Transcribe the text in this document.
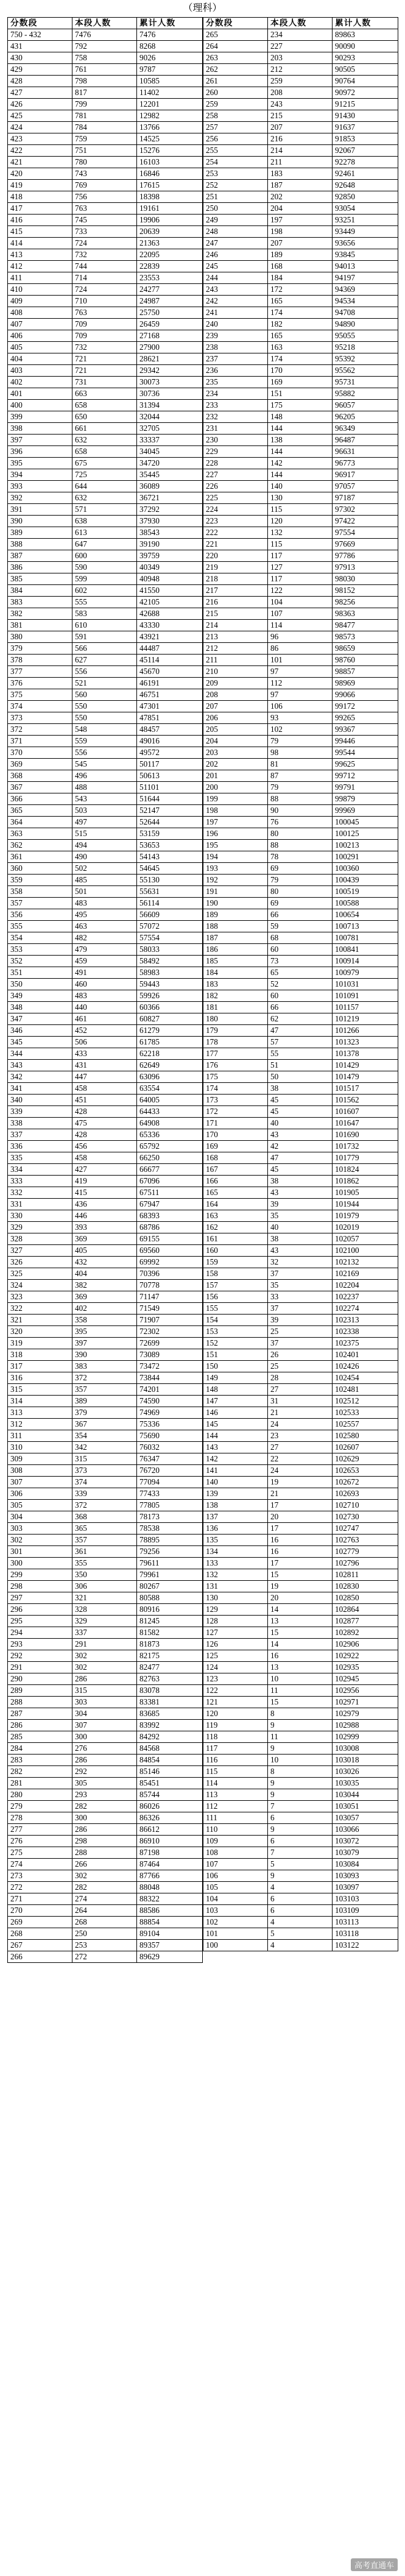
（理科）
分数段	本段人数	累计人数
750 - 432	7476	7476
431	792	8268
430	758	9026
429	761	9787
428	798	10585
427	817	11402
426	799	12201
425	781	12982
424	784	13766
423	759	14525
422	751	15276
421	780	16103
420	743	16846
419	769	17615
418	756	18398
417	763	19161
416	745	19906
415	733	20639
414	724	21363
413	732	22095
412	744	22839
411	714	23553
410	724	24277
409	710	24987
408	763	25750
407	709	26459
406	709	27168
405	732	27900
404	721	28621
403	721	29342
402	731	30073
401	663	30736
400	658	31394
399	650	32044
398	661	32705
397	632	33337
396	658	34045
395	675	34720
394	725	35445
393	644	36089
392	632	36721
391	571	37292
390	638	37930
389	613	38543
388	647	39190
387	600	39759
386	590	40349
385	599	40948
384	602	41550
383	555	42105
382	583	42688
381	610	43330
380	591	43921
379	566	44487
378	627	45114
377	556	45670
376	521	46191
375	560	46751
374	550	47301
373	550	47851
372	548	48457
371	559	49016
370	556	49572
369	545	50117
368	496	50613
367	488	51101
366	543	51644
365	503	52147
364	497	52644
363	515	53159
362	494	53653
361	490	54143
360	502	54645
359	485	55130
358	501	55631
357	483	56114
356	495	56609
355	463	57072
354	482	57554
353	479	58033
352	459	58492
351	491	58983
350	460	59443
349	483	59926
348	440	60366
347	461	60827
346	452	61279
345	506	61785
344	433	62218
343	431	62649
342	447	63096
341	458	63554
340	451	64005
339	428	64433
338	475	64908
337	428	65336
336	456	65792
335	458	66250
334	427	66677
333	419	67096
332	415	67511
331	436	67947
330	446	68393
329	393	68786
328	369	69155
327	405	69560
326	432	69992
325	404	70396
324	382	70778
323	369	71147
322	402	71549
321	358	71907
320	395	72302
319	397	72699
318	390	73089
317	383	73472
316	372	73844
315	357	74201
314	389	74590
313	379	74969
312	367	75336
311	354	75690
310	342	76032
309	315	76347
308	373	76720
307	374	77094
306	339	77433
305	372	77805
304	368	78173
303	365	78538
302	357	78895
301	361	79256
300	355	79611
299	350	79961
298	306	80267
297	321	80588
296	328	80916
295	329	81245
294	337	81582
293	291	81873
292	302	82175
291	302	82477
290	286	82763
289	315	83078
288	303	83381
287	304	83685
286	307	83992
285	300	84292
284	276	84568
283	286	84854
282	292	85146
281	305	85451
280	293	85744
279	282	86026
278	300	86326
277	286	86612
276	298	86910
275	288	87198
274	266	87464
273	302	87766
272	282	88048
271	274	88322
270	264	88586
269	268	88854
268	250	89104
267	253	89357
266	272	89629
分数段	本段人数	累计人数
265	234	89863
264	227	90090
263	203	90293
262	212	90505
261	259	90764
260	208	90972
259	243	91215
258	215	91430
257	207	91637
256	216	91853
255	214	92067
254	211	92278
253	183	92461
252	187	92648
251	202	92850
250	204	93054
249	197	93251
248	198	93449
247	207	93656
246	189	93845
245	168	94013
244	184	94197
243	172	94369
242	165	94534
241	174	94708
240	182	94890
239	165	95055
238	163	95218
237	174	95392
236	170	95562
235	169	95731
234	151	95882
233	175	96057
232	148	96205
231	144	96349
230	138	96487
229	144	96631
228	142	96773
227	144	96917
226	140	97057
225	130	97187
224	115	97302
223	120	97422
222	132	97554
221	115	97669
220	117	97786
219	127	97913
218	117	98030
217	122	98152
216	104	98256
215	107	98363
214	114	98477
213	96	98573
212	86	98659
211	101	98760
210	97	98857
209	112	98969
208	97	99066
207	106	99172
206	93	99265
205	102	99367
204	79	99446
203	98	99544
202	81	99625
201	87	99712
200	79	99791
199	88	99879
198	90	99969
197	76	100045
196	80	100125
195	88	100213
194	78	100291
193	69	100360
192	79	100439
191	80	100519
190	69	100588
189	66	100654
188	59	100713
187	68	100781
186	60	100841
185	73	100914
184	65	100979
183	52	101031
182	60	101091
181	66	101157
180	62	101219
179	47	101266
178	57	101323
177	55	101378
176	51	101429
175	50	101479
174	38	101517
173	45	101562
172	45	101607
171	40	101647
170	43	101690
169	42	101732
168	47	101779
167	45	101824
166	38	101862
165	43	101905
164	39	101944
163	35	101979
162	40	102019
161	38	102057
160	43	102100
159	32	102132
158	37	102169
157	35	102204
156	33	102237
155	37	102274
154	39	102313
153	25	102338
152	37	102375
151	26	102401
150	25	102426
149	28	102454
148	27	102481
147	31	102512
146	21	102533
145	24	102557
144	23	102580
143	27	102607
142	22	102629
141	24	102653
140	19	102672
139	21	102693
138	17	102710
137	20	102730
136	17	102747
135	16	102763
134	16	102779
133	17	102796
132	15	102811
131	19	102830
130	20	102850
129	14	102864
128	13	102877
127	15	102892
126	14	102906
125	16	102922
124	13	102935
123	10	102945
122	11	102956
121	15	102971
120	8	102979
119	9	102988
118	11	102999
117	9	103008
116	10	103018
115	8	103026
114	9	103035
113	9	103044
112	7	103051
111	6	103057
110	9	103066
109	6	103072
108	7	103079
107	5	103084
106	9	103093
105	4	103097
104	6	103103
103	6	103109
102	4	103113
101	5	103118
100	4	103122
高考直通车
